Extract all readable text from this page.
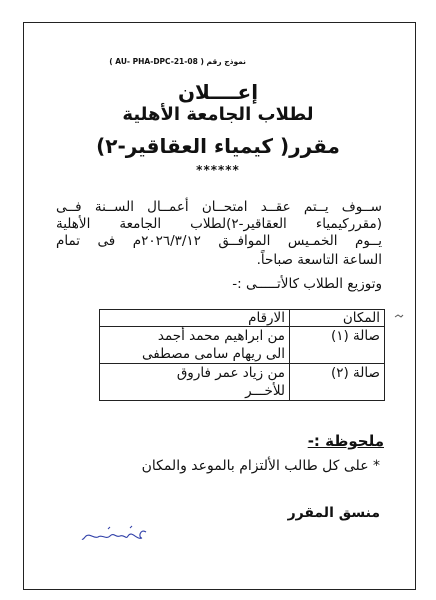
نموذج رقم ( AU- PHA-DPC-21-08 )
إعــــلان
لطلاب الجامعة الأهلية
مقرر( كيمياء العقاقير-٢)
******
ســوف يــتم عقــد امتحــان أعمــال الســنة فــى
(مقرركيمياء العقاقير-٢)لطلاب الجامعة الأهلية
يــوم الخمـيس الموافــق ٢٠٢٦/٣/١٢م فى تمام
الساعة التاسعة صباحاً.
وتوزيع الطلاب كالأتـــــى :-
المكان	الارقام

صالة (١)	من ابراهيم محمد أجمد
الى ريهام سامى مصطفى

صالة (٢)	من زياد عمر فاروق
للأخـــر
ملحوظة :-
* على كل طالب الألتزام بالموعد والمكان
منسق المقرر
